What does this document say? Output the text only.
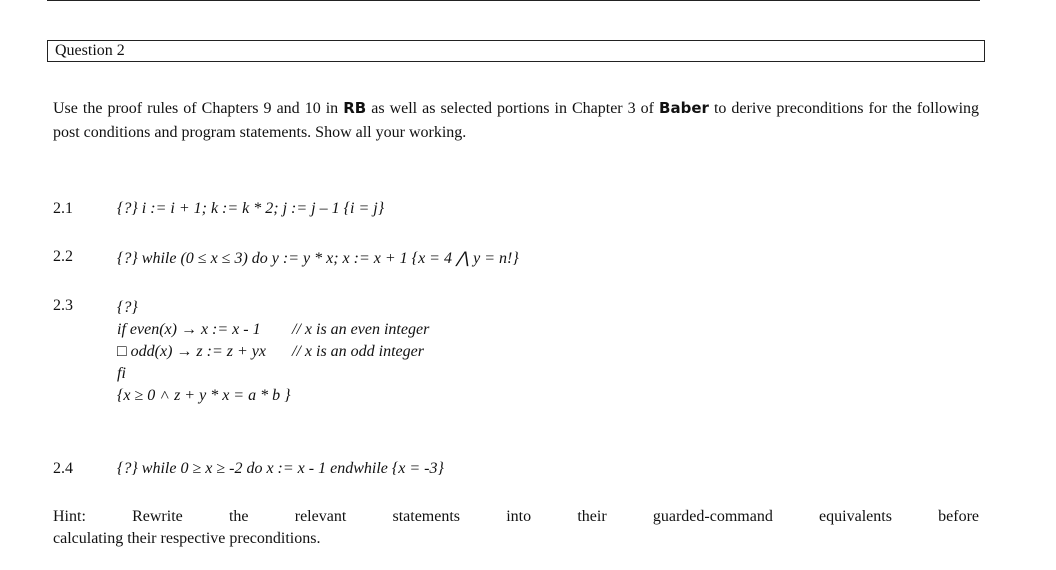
Question 2
Use the proof rules of Chapters 9 and 10 in RB as well as selected portions in Chapter 3 of Baber to derive preconditions for the following post conditions and program statements. Show all your working.
2.1	{?} i := i + 1; k := k * 2; j := j – 1 {i = j}
2.2	{?} while (0 ≤ x ≤ 3) do y := y * x; x := x + 1 {x = 4 ⋀ y = n!}
2.3	{?}
if even(x) → x := x - 1 // x is an even integer
□ odd(x) → z := z + yx // x is an odd integer
fi
{x ≥ 0 ˄ z + y * x = a * b }
2.4	{?} while 0 ≥ x ≥ -2 do x := x - 1 endwhile {x = -3}
Hint: Rewrite the relevant statements into their guarded-command equivalents before
calculating their respective preconditions.
